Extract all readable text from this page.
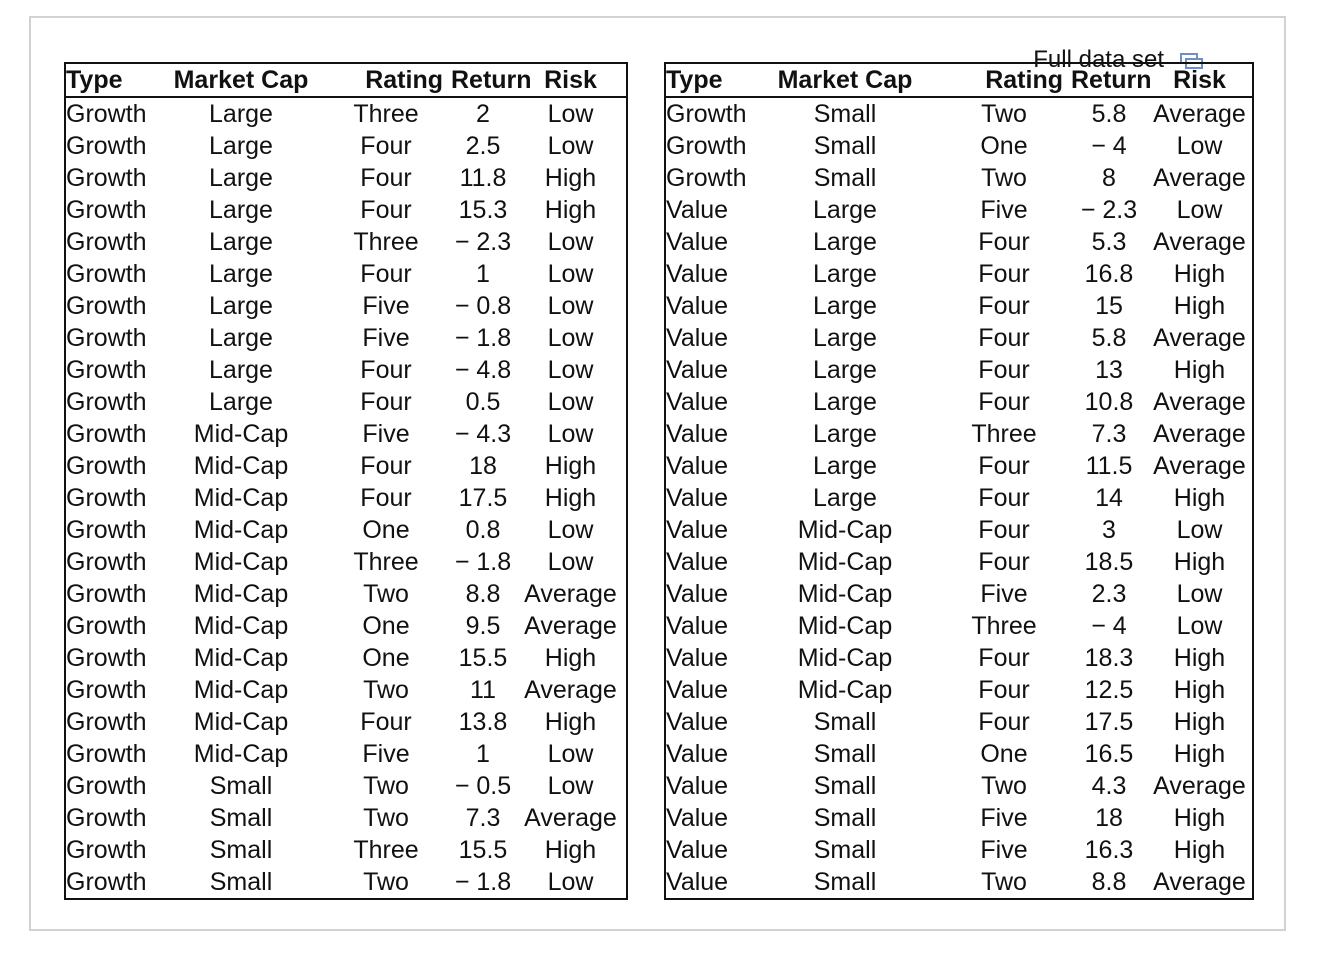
Full data set
Type	Market Cap	Rating	Return	Risk
Growth	Large	Three	2	Low
Growth	Large	Four	2.5	Low
Growth	Large	Four	11.8	High
Growth	Large	Four	15.3	High
Growth	Large	Three	− 2.3	Low
Growth	Large	Four	1	Low
Growth	Large	Five	− 0.8	Low
Growth	Large	Five	− 1.8	Low
Growth	Large	Four	− 4.8	Low
Growth	Large	Four	0.5	Low
Growth	Mid-Cap	Five	− 4.3	Low
Growth	Mid-Cap	Four	18	High
Growth	Mid-Cap	Four	17.5	High
Growth	Mid-Cap	One	0.8	Low
Growth	Mid-Cap	Three	− 1.8	Low
Growth	Mid-Cap	Two	8.8	Average
Growth	Mid-Cap	One	9.5	Average
Growth	Mid-Cap	One	15.5	High
Growth	Mid-Cap	Two	11	Average
Growth	Mid-Cap	Four	13.8	High
Growth	Mid-Cap	Five	1	Low
Growth	Small	Two	− 0.5	Low
Growth	Small	Two	7.3	Average
Growth	Small	Three	15.5	High
Growth	Small	Two	− 1.8	Low
Type	Market Cap	Rating	Return	Risk
Growth	Small	Two	5.8	Average
Growth	Small	One	− 4	Low
Growth	Small	Two	8	Average
Value	Large	Five	− 2.3	Low
Value	Large	Four	5.3	Average
Value	Large	Four	16.8	High
Value	Large	Four	15	High
Value	Large	Four	5.8	Average
Value	Large	Four	13	High
Value	Large	Four	10.8	Average
Value	Large	Three	7.3	Average
Value	Large	Four	11.5	Average
Value	Large	Four	14	High
Value	Mid-Cap	Four	3	Low
Value	Mid-Cap	Four	18.5	High
Value	Mid-Cap	Five	2.3	Low
Value	Mid-Cap	Three	− 4	Low
Value	Mid-Cap	Four	18.3	High
Value	Mid-Cap	Four	12.5	High
Value	Small	Four	17.5	High
Value	Small	One	16.5	High
Value	Small	Two	4.3	Average
Value	Small	Five	18	High
Value	Small	Five	16.3	High
Value	Small	Two	8.8	Average
